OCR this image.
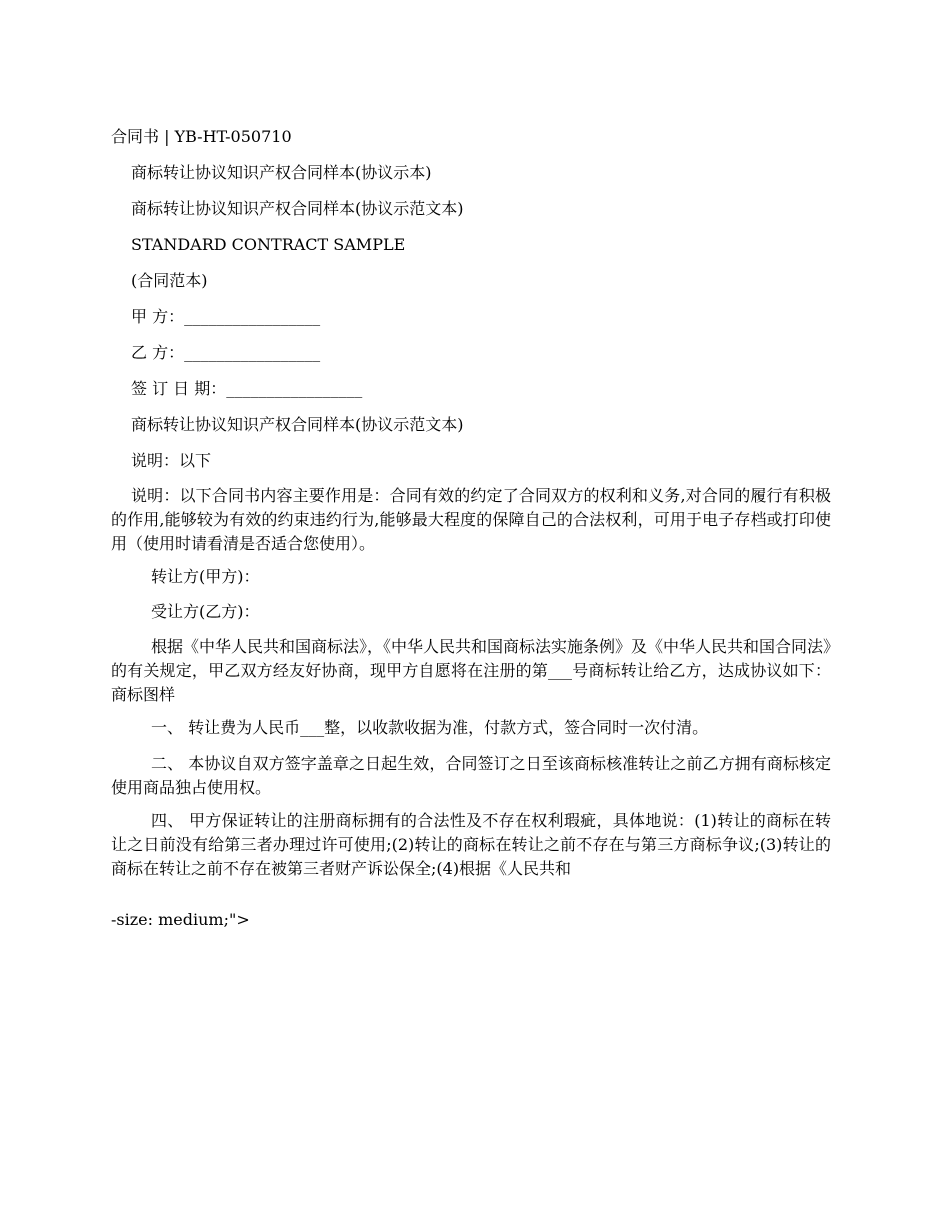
合同书 | YB-HT-050710
商标转让协议知识产权合同样本(协议示本)
商标转让协议知识产权合同样本(协议示范文本)
STANDARD CONTRACT SAMPLE
(合同范本)
甲 方：_________________
乙 方：_________________
签 订 日 期：_________________
商标转让协议知识产权合同样本(协议示范文本)
说明：以下
说明：以下合同书内容主要作用是：合同有效的约定了合同双方的权利和义务,对合同的履行有积极的作用,能够较为有效的约束违约行为,能够最大程度的保障自己的合法权利，可用于电子存档或打印使用（使用时请看清是否适合您使用）。
转让方(甲方)：
受让方(乙方)：
根据《中华人民共和国商标法》，《中华人民共和国商标法实施条例》及《中华人民共和国合同法》的有关规定，甲乙双方经友好协商，现甲方自愿将在注册的第___号商标转让给乙方，达成协议如下：商标图样
一、 转让费为人民币___整，以收款收据为准，付款方式，签合同时一次付清。
二、 本协议自双方签字盖章之日起生效，合同签订之日至该商标核准转让之前乙方拥有商标核定使用商品独占使用权。
四、 甲方保证转让的注册商标拥有的合法性及不存在权利瑕疵，具体地说：(1)转让的商标在转让之日前没有给第三者办理过许可使用;(2)转让的商标在转让之前不存在与第三方商标争议;(3)转让的商标在转让之前不存在被第三者财产诉讼保全;(4)根据《人民共和
-size: medium;">
